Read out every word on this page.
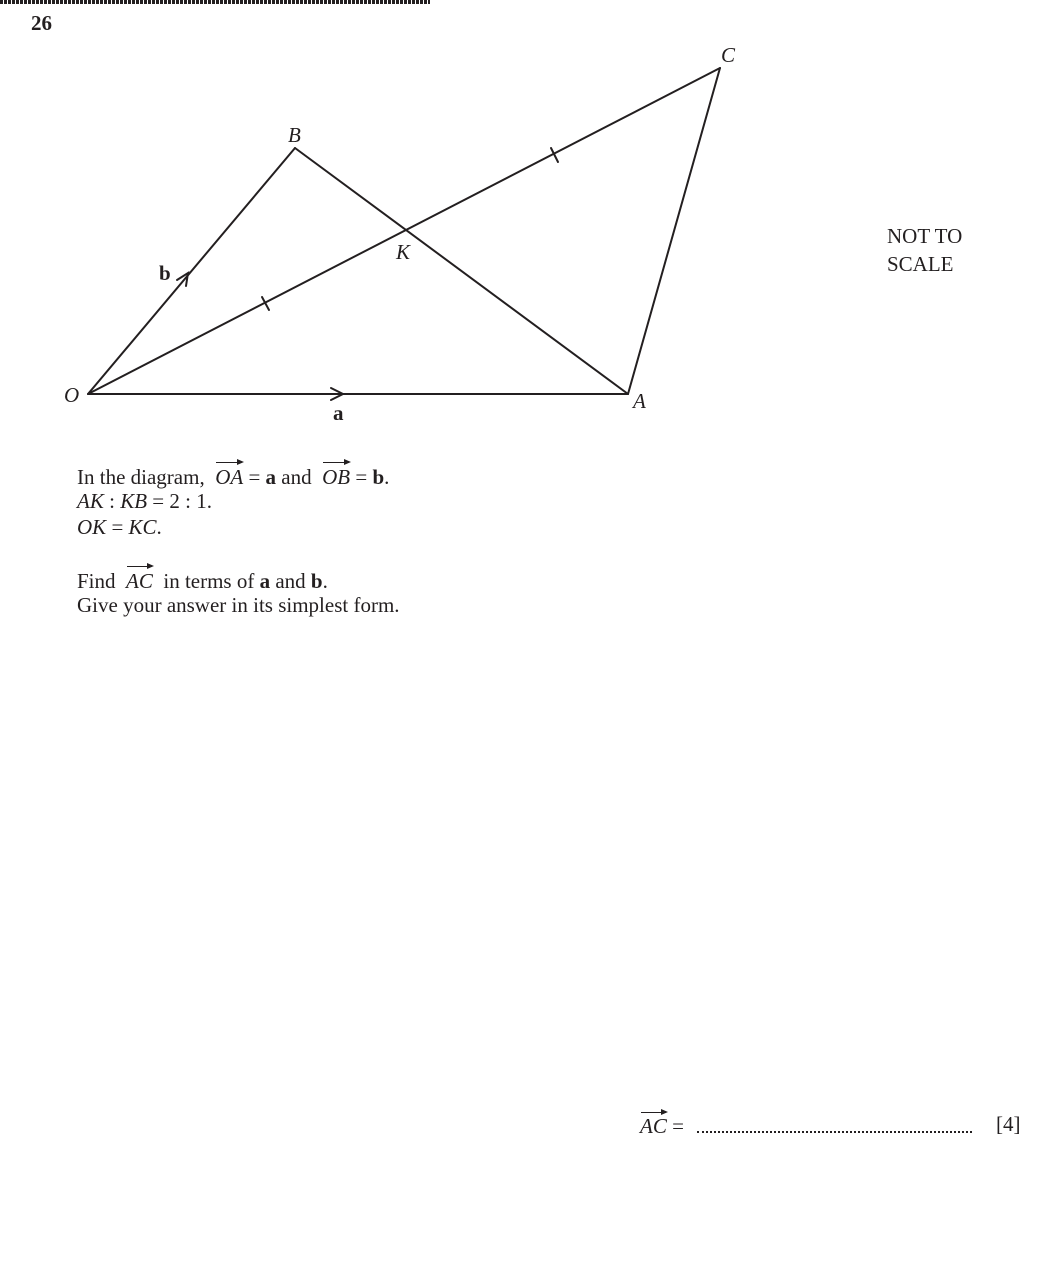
26
O	A
B
C
K
a
b
NOT TO
SCALE
In the diagram, OA = a and OB = b.
AK : KB = 2 : 1.
OK = KC.
Find AC in terms of a and b.
Give your answer in its simplest form.
AC =	[4]
